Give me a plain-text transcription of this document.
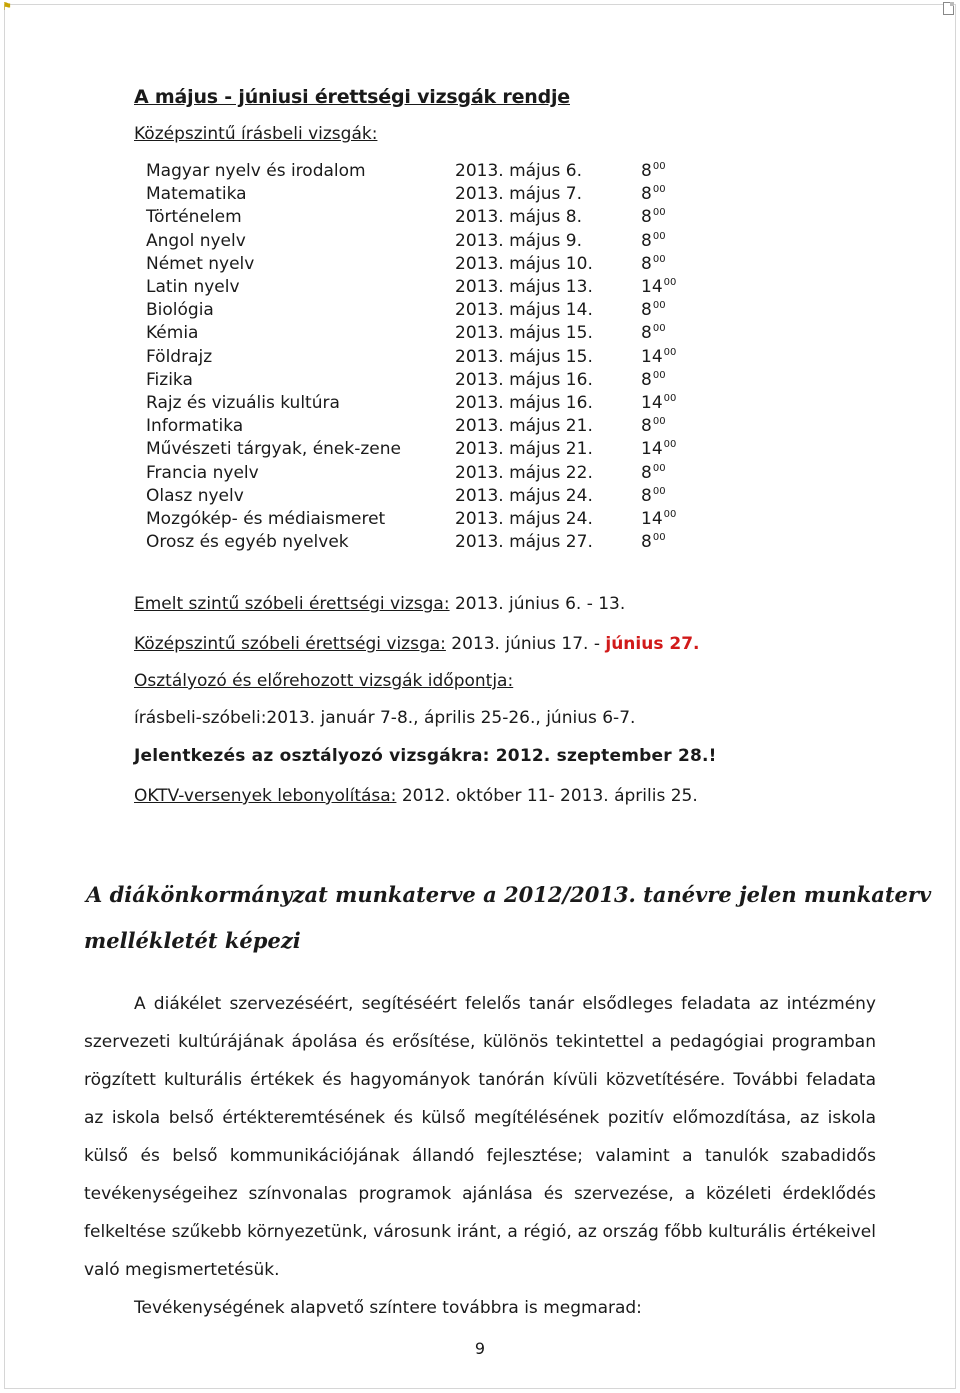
⚑
A május - júniusi érettségi vizsgák rendje
Középszintű írásbeli vizsgák:
Magyar nyelv és irodalom	2013. május 6.	$8^{00}$
Matematika	2013. május 7.	$8^{00}$
Történelem	2013. május 8.	$8^{00}$
Angol nyelv	2013. május 9.	$8^{00}$
Német nyelv	2013. május 10.	$8^{00}$
Latin nyelv	2013. május 13.	$14^{00}$
Biológia	2013. május 14.	$8^{00}$
Kémia	2013. május 15.	$8^{00}$
Földrajz	2013. május 15.	$14^{00}$
Fizika	2013. május 16.	$8^{00}$
Rajz és vizuális kultúra	2013. május 16.	$14^{00}$
Informatika	2013. május 21.	$8^{00}$
Művészeti tárgyak, ének-zene	2013. május 21.	$14^{00}$
Francia nyelv	2013. május 22.	$8^{00}$
Olasz nyelv	2013. május 24.	$8^{00}$
Mozgókép- és médiaismeret	2013. május 24.	$14^{00}$
Orosz és egyéb nyelvek	2013. május 27.	$8^{00}$
Emelt szintű szóbeli érettségi vizsga: 2013. június 6. - 13.
Középszintű szóbeli érettségi vizsga: 2013. június 17. - június 27.
Osztályozó és előrehozott vizsgák időpontja:
írásbeli-szóbeli:2013. január 7-8., április 25-26., június 6-7.
Jelentkezés az osztályozó vizsgákra: 2012. szeptember 28.!
OKTV-versenyek lebonyolítása: 2012. október 11- 2013. április 25.
A diákönkormányzat munkaterve a 2012/2013. tanévre jelen munkaterv
mellékletét képezi

A diákélet szervezéséért, segítéséért felelős tanár elsődleges feladata az intézmény szervezeti kultúrájának ápolása és erősítése, különös tekintettel a pedagógiai programban rögzített kulturális értékek és hagyományok tanórán kívüli közvetítésére. További feladata az iskola belső értékteremtésének és külső megítélésének pozitív előmozdítása, az iskola külső és belső kommunikációjának állandó fejlesztése; valamint a tanulók szabadidős tevékenységeihez színvonalas programok ajánlása és szervezése, a közéleti érdeklődés felkeltése szűkebb környezetünk, városunk iránt, a régió, az ország főbb kulturális értékeivel való megismertetésük.

Tevékenységének alapvető színtere továbbra is megmarad:

9
